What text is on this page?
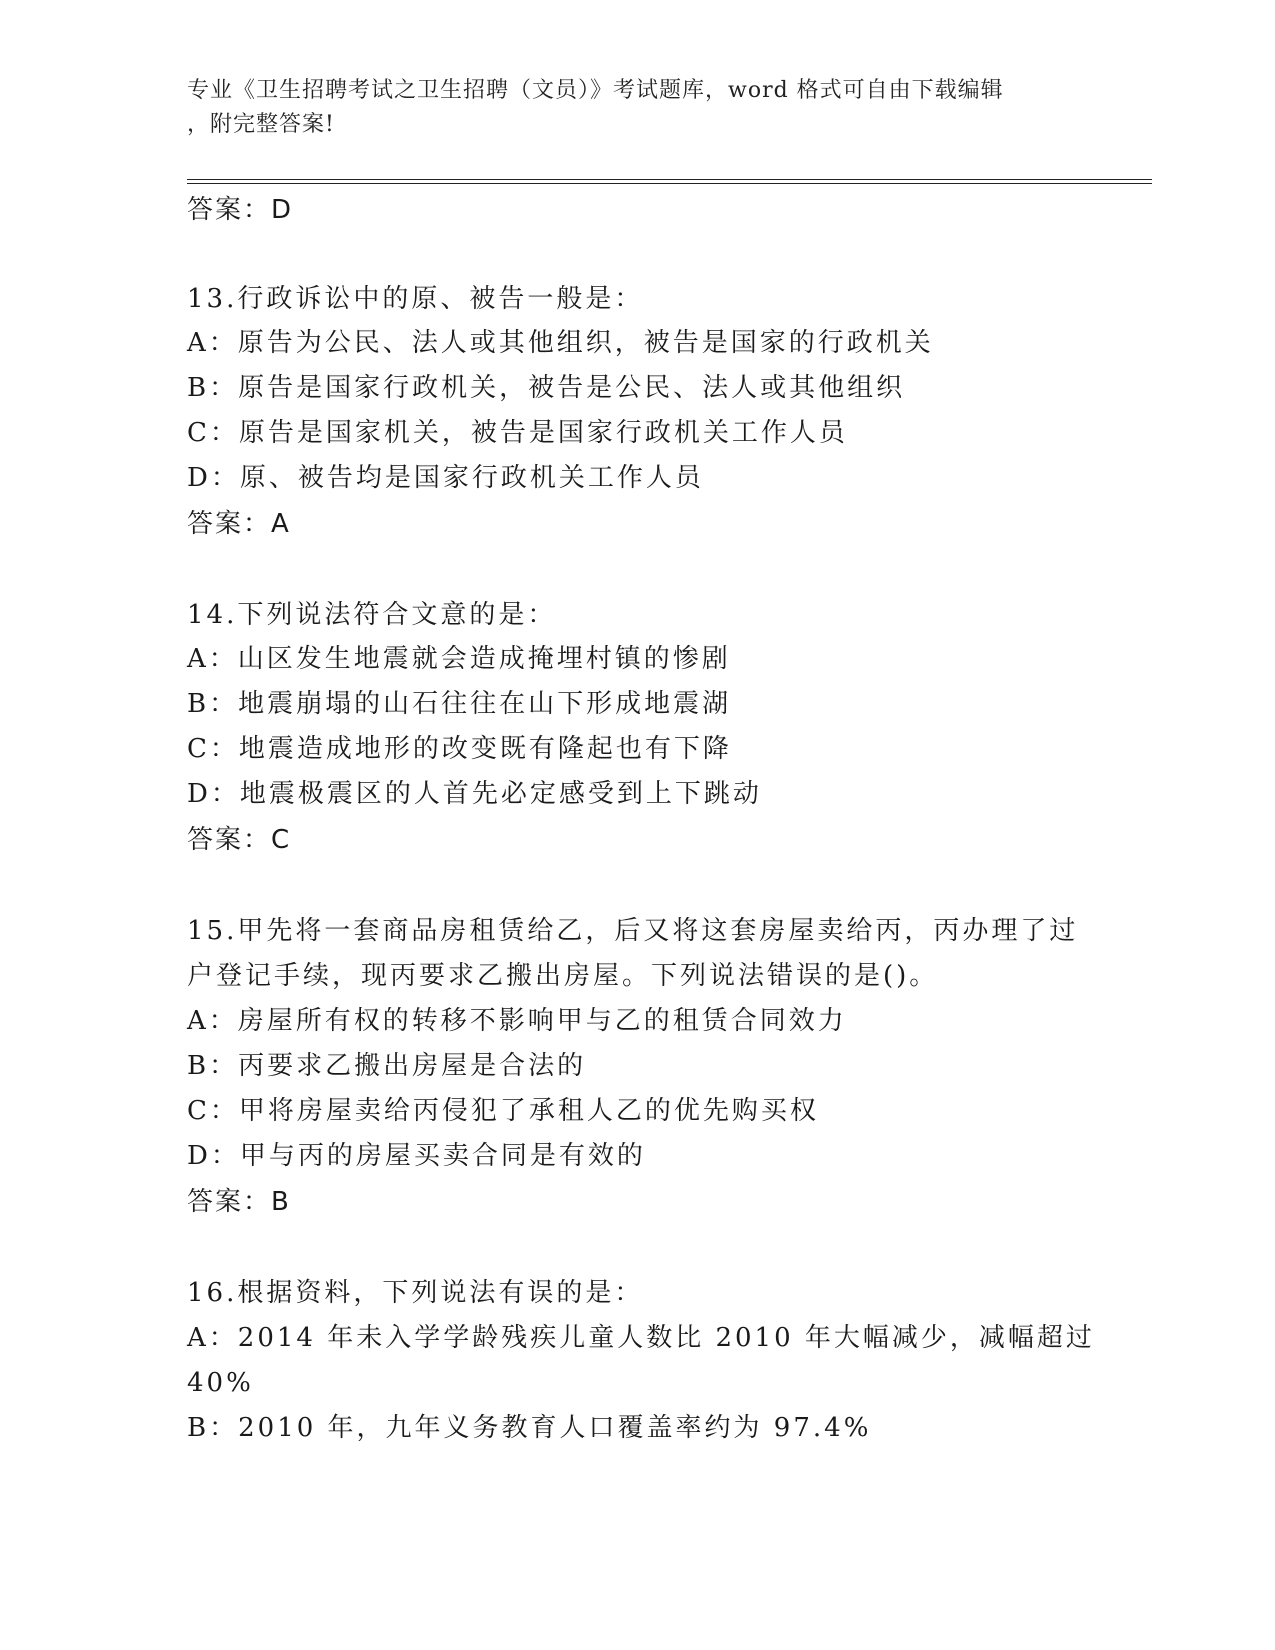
专业《卫生招聘考试之卫生招聘（文员）》考试题库，word 格式可自由下载编辑
，附完整答案!
答案：D
13.行政诉讼中的原、被告一般是：
A：原告为公民、法人或其他组织，被告是国家的行政机关
B：原告是国家行政机关，被告是公民、法人或其他组织
C：原告是国家机关，被告是国家行政机关工作人员
D：原、被告均是国家行政机关工作人员
答案：A
14.下列说法符合文意的是：
A：山区发生地震就会造成掩埋村镇的惨剧
B：地震崩塌的山石往往在山下形成地震湖
C：地震造成地形的改变既有隆起也有下降
D：地震极震区的人首先必定感受到上下跳动
答案：C
15.甲先将一套商品房租赁给乙，后又将这套房屋卖给丙，丙办理了过
户登记手续，现丙要求乙搬出房屋。下列说法错误的是()。
A：房屋所有权的转移不影响甲与乙的租赁合同效力
B：丙要求乙搬出房屋是合法的
C：甲将房屋卖给丙侵犯了承租人乙的优先购买权
D：甲与丙的房屋买卖合同是有效的
答案：B
16.根据资料，下列说法有误的是：
A：2014 年未入学学龄残疾儿童人数比 2010 年大幅减少，减幅超过
40%
B：2010 年，九年义务教育人口覆盖率约为 97.4%
